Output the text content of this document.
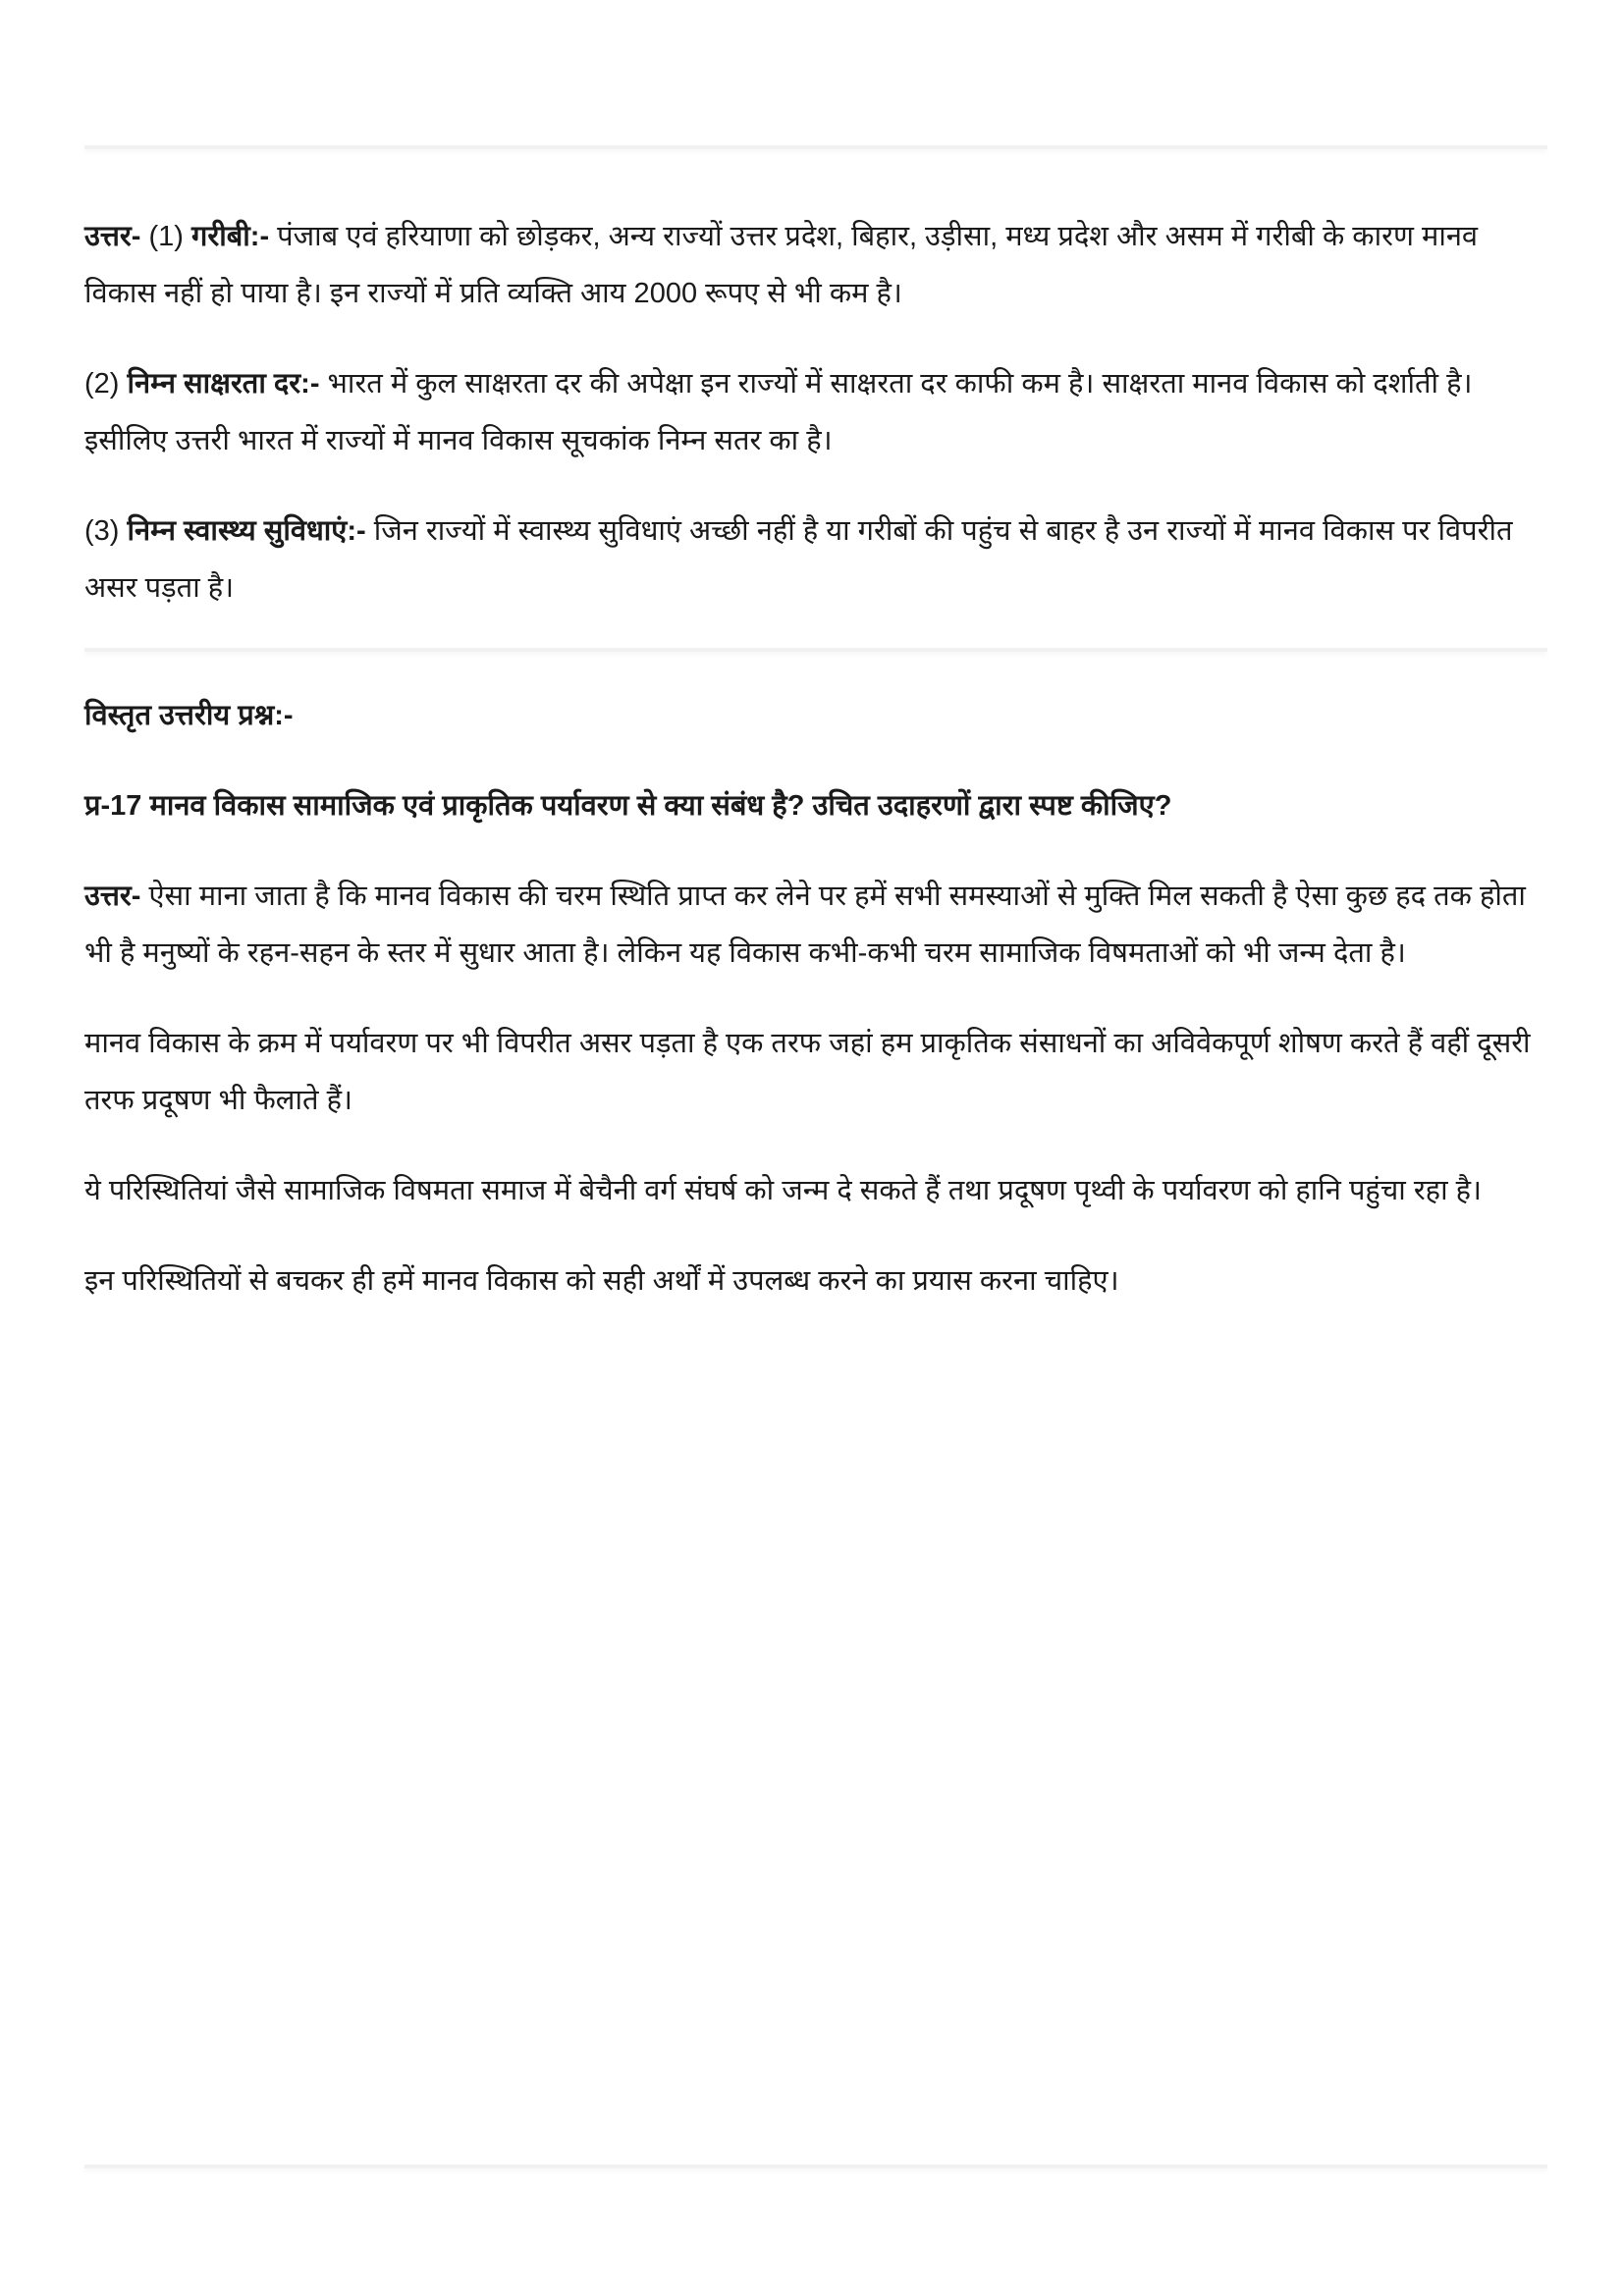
उत्तर- (1) गरीबी:- पंजाब एवं हरियाणा को छोड़कर, अन्य राज्यों उत्तर प्रदेश, बिहार, उड़ीसा, मध्य प्रदेश और असम में गरीबी के कारण मानव विकास नहीं हो पाया है। इन राज्यों में प्रति व्यक्ति आय 2000 रूपए से भी कम है।

(2) निम्न साक्षरता दर:- भारत में कुल साक्षरता दर की अपेक्षा इन राज्यों में साक्षरता दर काफी कम है। साक्षरता मानव विकास को दर्शाती है। इसीलिए उत्तरी भारत में राज्यों में मानव विकास सूचकांक निम्न सतर का है।

(3) निम्न स्वास्थ्य सुविधाएं:- जिन राज्यों में स्वास्थ्य सुविधाएं अच्छी नहीं है या गरीबों की पहुंच से बाहर है उन राज्यों में मानव विकास पर विपरीत असर पड़ता है।

विस्तृत उत्तरीय प्रश्न:-

प्र-17 मानव विकास सामाजिक एवं प्राकृतिक पर्यावरण से क्या संबंध है? उचित उदाहरणों द्वारा स्पष्ट कीजिए?

उत्तर- ऐसा माना जाता है कि मानव विकास की चरम स्थिति प्राप्त कर लेने पर हमें सभी समस्याओं से मुक्ति मिल सकती है ऐसा कुछ हद तक होता भी है मनुष्यों के रहन-सहन के स्तर में सुधार आता है। लेकिन यह विकास कभी-कभी चरम सामाजिक विषमताओं को भी जन्म देता है।

मानव विकास के क्रम में पर्यावरण पर भी विपरीत असर पड़ता है एक तरफ जहां हम प्राकृतिक संसाधनों का अविवेकपूर्ण शोषण करते हैं वहीं दूसरी तरफ प्रदूषण भी फैलाते हैं।

ये परिस्थितियां जैसे सामाजिक विषमता समाज में बेचैनी वर्ग संघर्ष को जन्म दे सकते हैं तथा प्रदूषण पृथ्वी के पर्यावरण को हानि पहुंचा रहा है।

इन परिस्थितियों से बचकर ही हमें मानव विकास को सही अर्थों में उपलब्ध करने का प्रयास करना चाहिए।
